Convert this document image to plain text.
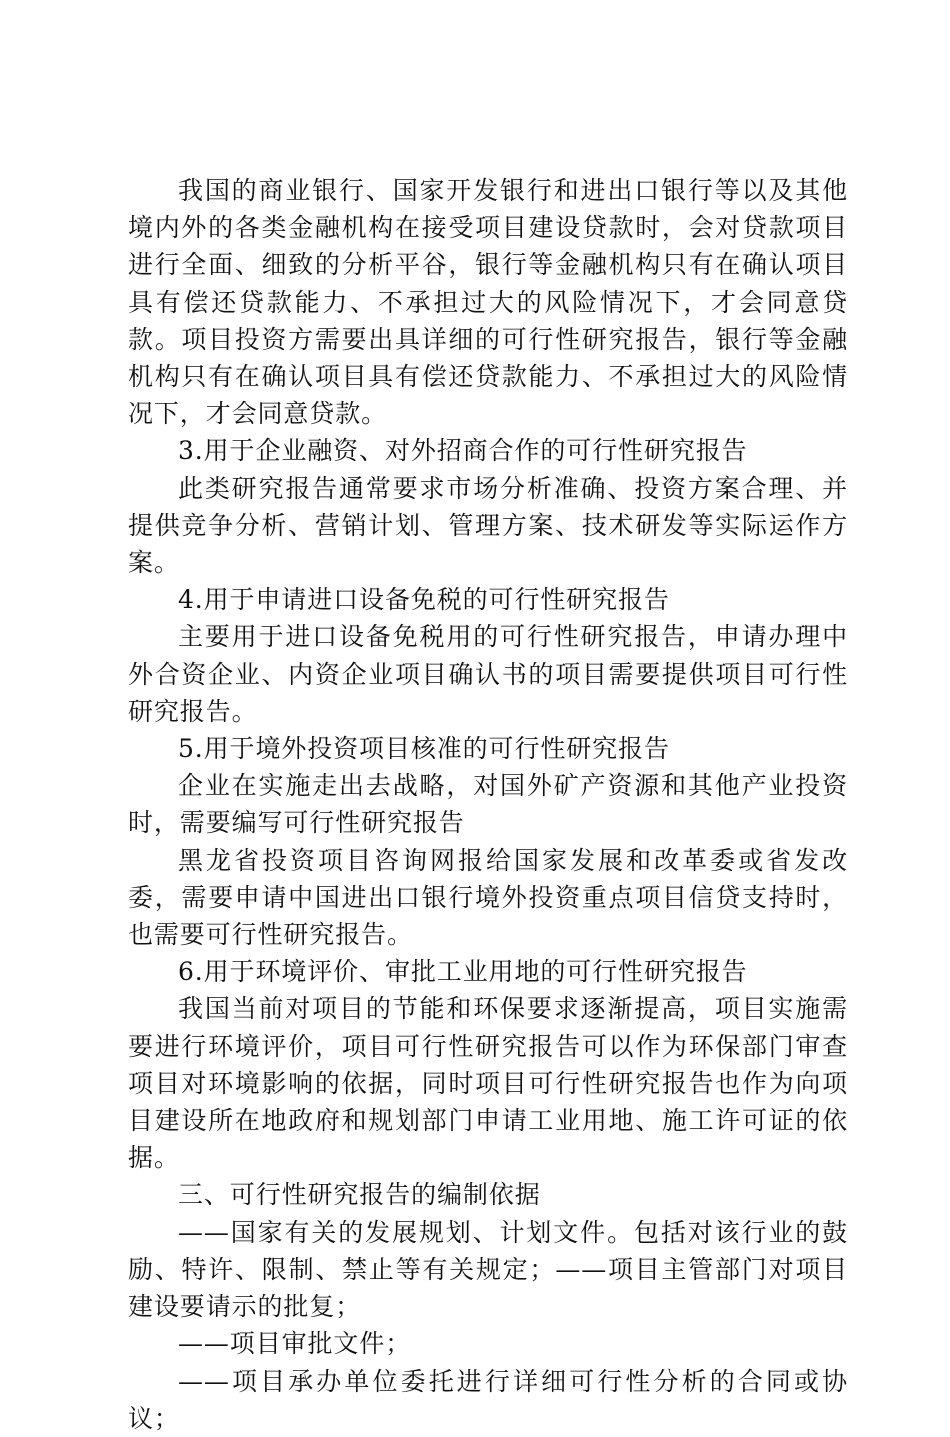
我国的商业银行、国家开发银行和进出口银行等以及其他境内外的各类金融机构在接受项目建设贷款时，会对贷款项目进行全面、细致的分析平谷，银行等金融机构只有在确认项目具有偿还贷款能力、不承担过大的风险情况下，才会同意贷款。项目投资方需要出具详细的可行性研究报告，银行等金融机构只有在确认项目具有偿还贷款能力、不承担过大的风险情况下，才会同意贷款。

3.用于企业融资、对外招商合作的可行性研究报告

此类研究报告通常要求市场分析准确、投资方案合理、并提供竞争分析、营销计划、管理方案、技术研发等实际运作方案。

4.用于申请进口设备免税的可行性研究报告

主要用于进口设备免税用的可行性研究报告，申请办理中外合资企业、内资企业项目确认书的项目需要提供项目可行性研究报告。

5.用于境外投资项目核准的可行性研究报告

企业在实施走出去战略，对国外矿产资源和其他产业投资时，需要编写可行性研究报告

黑龙省投资项目咨询网报给国家发展和改革委或省发改委，需要申请中国进出口银行境外投资重点项目信贷支持时，也需要可行性研究报告。

6.用于环境评价、审批工业用地的可行性研究报告

我国当前对项目的节能和环保要求逐渐提高，项目实施需要进行环境评价，项目可行性研究报告可以作为环保部门审查项目对环境影响的依据，同时项目可行性研究报告也作为向项目建设所在地政府和规划部门申请工业用地、施工许可证的依据。

三、可行性研究报告的编制依据

——国家有关的发展规划、计划文件。包括对该行业的鼓励、特许、限制、禁止等有关规定；——项目主管部门对项目建设要请示的批复；

——项目审批文件；

——项目承办单位委托进行详细可行性分析的合同或协议；
